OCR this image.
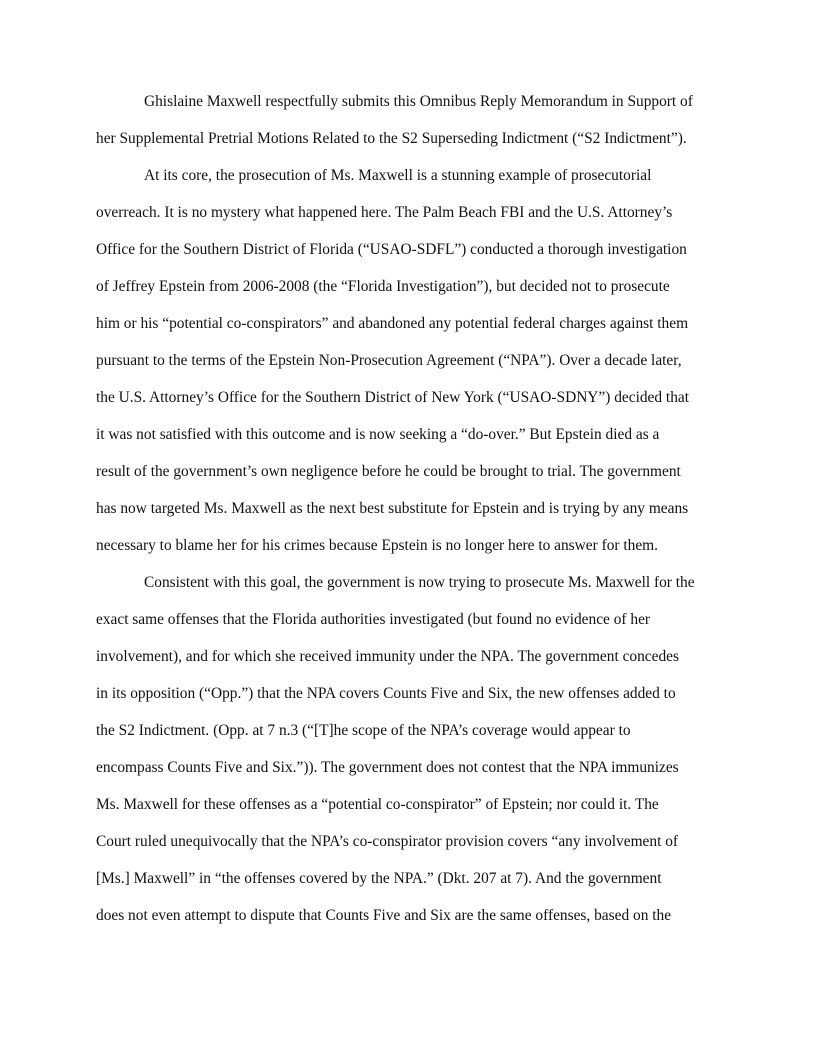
Ghislaine Maxwell respectfully submits this Omnibus Reply Memorandum in Support of
her Supplemental Pretrial Motions Related to the S2 Superseding Indictment (“S2 Indictment”).
At its core, the prosecution of Ms. Maxwell is a stunning example of prosecutorial
overreach. It is no mystery what happened here. The Palm Beach FBI and the U.S. Attorney’s
Office for the Southern District of Florida (“USAO-SDFL”) conducted a thorough investigation
of Jeffrey Epstein from 2006-2008 (the “Florida Investigation”), but decided not to prosecute
him or his “potential co-conspirators” and abandoned any potential federal charges against them
pursuant to the terms of the Epstein Non-Prosecution Agreement (“NPA”). Over a decade later,
the U.S. Attorney’s Office for the Southern District of New York (“USAO-SDNY”) decided that
it was not satisfied with this outcome and is now seeking a “do-over.” But Epstein died as a
result of the government’s own negligence before he could be brought to trial. The government
has now targeted Ms. Maxwell as the next best substitute for Epstein and is trying by any means
necessary to blame her for his crimes because Epstein is no longer here to answer for them.
Consistent with this goal, the government is now trying to prosecute Ms. Maxwell for the
exact same offenses that the Florida authorities investigated (but found no evidence of her
involvement), and for which she received immunity under the NPA. The government concedes
in its opposition (“Opp.”) that the NPA covers Counts Five and Six, the new offenses added to
the S2 Indictment. (Opp. at 7 n.3 (“[T]he scope of the NPA’s coverage would appear to
encompass Counts Five and Six.”)). The government does not contest that the NPA immunizes
Ms. Maxwell for these offenses as a “potential co-conspirator” of Epstein; nor could it. The
Court ruled unequivocally that the NPA’s co-conspirator provision covers “any involvement of
[Ms.] Maxwell” in “the offenses covered by the NPA.” (Dkt. 207 at 7). And the government
does not even attempt to dispute that Counts Five and Six are the same offenses, based on the
